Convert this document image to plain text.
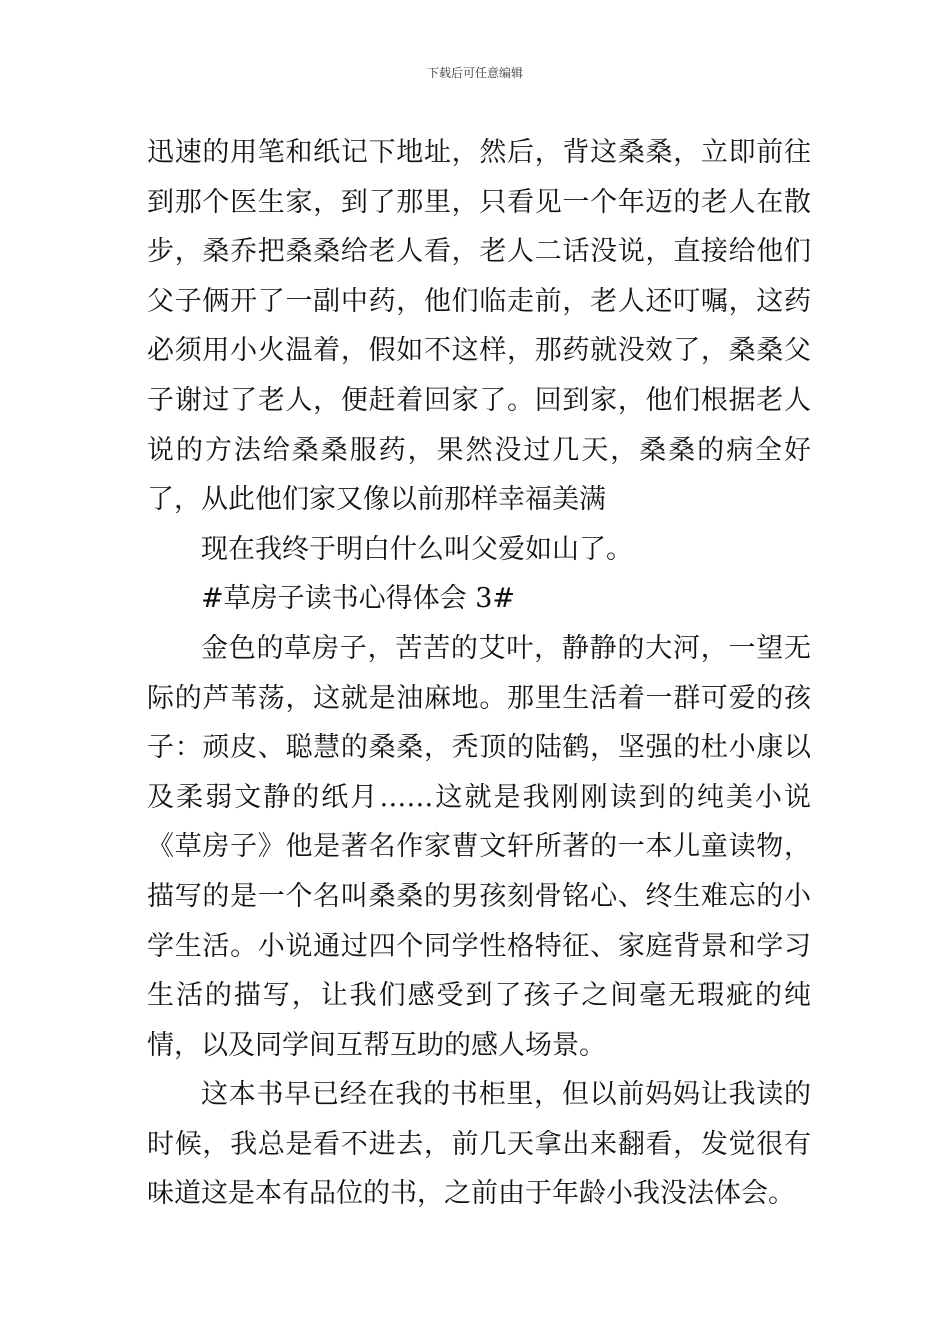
下载后可任意编辑

迅速的用笔和纸记下地址，然后，背这桑桑，立即前往到那个医生家，到了那里，只看见一个年迈的老人在散步，桑乔把桑桑给老人看，老人二话没说，直接给他们父子俩开了一副中药，他们临走前，老人还叮嘱，这药必须用小火温着，假如不这样，那药就没效了，桑桑父子谢过了老人，便赶着回家了。回到家，他们根据老人说的方法给桑桑服药，果然没过几天，桑桑的病全好了，从此他们家又像以前那样幸福美满

现在我终于明白什么叫父爱如山了。

#草房子读书心得体会 3#

金色的草房子，苦苦的艾叶，静静的大河，一望无际的芦苇荡，这就是油麻地。那里生活着一群可爱的孩子：顽皮、聪慧的桑桑，秃顶的陆鹤，坚强的杜小康以及柔弱文静的纸月……这就是我刚刚读到的纯美小说《草房子》他是著名作家曹文轩所著的一本儿童读物，描写的是一个名叫桑桑的男孩刻骨铭心、终生难忘的小学生活。小说通过四个同学性格特征、家庭背景和学习生活的描写，让我们感受到了孩子之间毫无瑕疵的纯情，以及同学间互帮互助的感人场景。

这本书早已经在我的书柜里，但以前妈妈让我读的时候，我总是看不进去，前几天拿出来翻看，发觉很有味道这是本有品位的书，之前由于年龄小我没法体会。
